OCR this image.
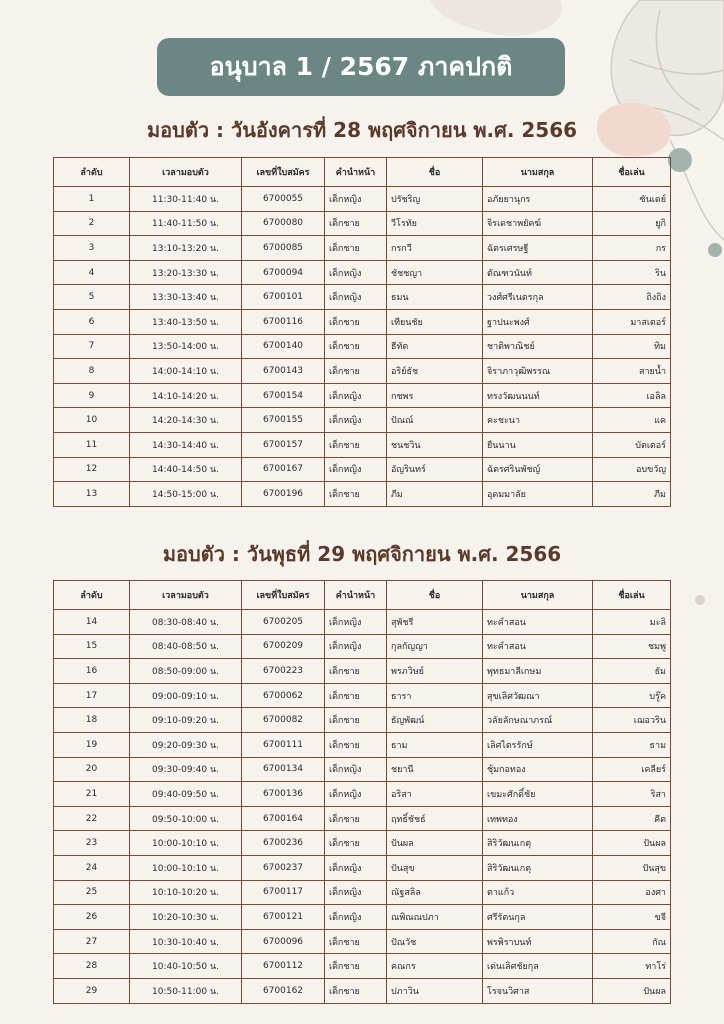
อนุบาล 1 / 2567 ภาคปกติ
มอบตัว : วันอังคารที่ 28 พฤศจิกายน พ.ศ. 2566
ลำดับ	เวลามอบตัว	เลขที่ใบสมัคร	คำนำหน้า	ชื่อ	นามสกุล	ชื่อเล่น
1	11:30-11:40 น.	6700055	เด็กหญิง	ปรัชริญ	อภัยยานุกร	ซันเดย์
2	11:40-11:50 น.	6700080	เด็กชาย	วีโรทัย	จิรเดชาพยัคฆ์	ยูกิ
3	13:10-13:20 น.	6700085	เด็กชาย	กรกวี	ฉัตรเศรษฐี	กร
4	13:20-13:30 น.	6700094	เด็กหญิง	ชัชชญา	ตัณฑวนันท์	ริน
5	13:30-13:40 น.	6700101	เด็กหญิง	ธมน	วงศ์ศรีเนตรกุล	ถิงถิง
6	13:40-13:50 น.	6700116	เด็กชาย	เทียนชัย	ฐาปนะพงศ์	มาสเตอร์
7	13:50-14:00 น.	6700140	เด็กชาย	ธีทัต	ชาติพาณิชย์	ทิม
8	14:00-14:10 น.	6700143	เด็กชาย	อริย์ธัช	จิราภาวุฒิพรรณ	สายน้ำ
9	14:10-14:20 น.	6700154	เด็กหญิง	กชพร	ทรงวัฒนนนท์	เอลิล
10	14:20-14:30 น.	6700155	เด็กหญิง	ปัณณ์	คะชะนา	แค
11	14:30-14:40 น.	6700157	เด็กชาย	ชนชวิน	ยืนนาน	บัตเตอร์
12	14:40-14:50 น.	6700167	เด็กหญิง	อัญรินทร์	ฉัตรศรินพัชญ์	อบขวัญ
13	14:50-15:00 น.	6700196	เด็กชาย	ภีม	อุดมมาลัย	ภีม
มอบตัว : วันพุธที่ 29 พฤศจิกายน พ.ศ. 2566
ลำดับ	เวลามอบตัว	เลขที่ใบสมัคร	คำนำหน้า	ชื่อ	นามสกุล	ชื่อเล่น
14	08:30-08:40 น.	6700205	เด็กหญิง	สุพัชรี	ทะคำสอน	มะลิ
15	08:40-08:50 น.	6700209	เด็กหญิง	กุลกัญญา	ทะคำสอน	ชมพู
16	08:50-09:00 น.	6700223	เด็กชาย	พรภวิษย์	พุทธมาลีเกษม	ธัม
17	09:00-09:10 น.	6700062	เด็กชาย	ธารา	สุขเลิศวัฒณา	บรู๊ค
18	09:10-09:20 น.	6700082	เด็กชาย	ธัญพัฒน์	วลัยลักษณาภรณ์	เฌอวริน
19	09:20-09:30 น.	6700111	เด็กชาย	ธาม	เลิศไตรรักษ์	ธาม
20	09:30-09:40 น.	6700134	เด็กหญิง	ชยานี	ชุ้มกอทอง	เคลียร์
21	09:40-09:50 น.	6700136	เด็กหญิง	อริสา	เขมะศักดิ์ชัย	ริสา
22	09:50-10:00 น.	6700164	เด็กชาย	ฤทธิ์ชัชธ์	เทพทอง	คีต
23	10:00-10:10 น.	6700236	เด็กชาย	ปันผล	สิริวัฒนเกตุ	ปันผล
24	10:00-10:10 น.	6700237	เด็กหญิง	ปันสุข	สิริวัฒนเกตุ	ปันสุข
25	10:10-10:20 น.	6700117	เด็กหญิง	ณัฐสลิล	ตาแก้ว	องศา
26	10:20-10:30 น.	6700121	เด็กหญิง	ณพิณณปภา	ศรีรัตนกุล	ขจี
27	10:30-10:40 น.	6700096	เด็กชาย	ปัณวัช	พรพิราบนท์	กัณ
28	10:40-10:50 น.	6700112	เด็กชาย	คณกร	เด่นเลิศชัยกุล	ทาโร่
29	10:50-11:00 น.	6700162	เด็กชาย	ปภาวิน	โรจนวิศาส	ปันผล
